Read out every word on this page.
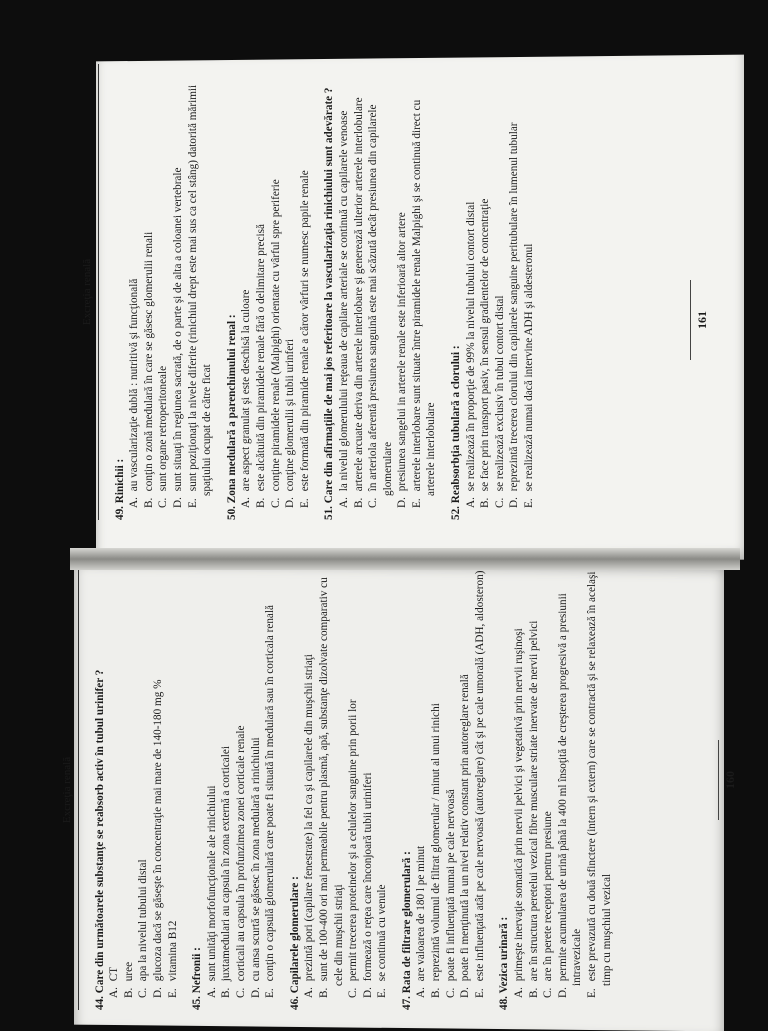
Excreţia renală
49. Rinichii : A. au vascularizaţie dublă : nutritivă şi funcţională
B. conţin o zonă medulară în care se găsesc glomerulii renali
C. sunt organe retroperitoneale
D. sunt situaţi în regiunea sacrată, de o parte şi de alta a coloanei vertebrale
E. sunt poziţionaţi la nivele diferite (rinichiul drept este mai sus ca cel stâng) datorită mărimii spaţiului ocupat de către ficat 50. Zona medulară a parenchimului renal : A. are aspect granulat şi este deschisă la culoare
B. este alcătuită din piramidele renale fără o delimitare precisă
C. conţine piramidele renale (Malpighi) orientate cu vârful spre periferie
D. conţine glomerulii şi tubii urinferi
E. este formată din piramide renale a căror vârfuri se numesc papile renale 51. Care din afirmaţiile de mai jos referitoare la vascularizaţia rinichiului sunt adevărate ? A. la nivelul glomerulului reţeaua de capilare arteriale se continuă cu capilarele venoase
B. arterele arcuate deriva din arterele interlobare şi generează ulterior arterele interlobulare
C. în arteriola aferentă presiunea sanguină este mai scăzută decât presiunea din capilarele glomerulare
D. presiunea sangelui in arterele renale este inferioară altor artere
E. arterele interlobare sunt situate între piramidele renale Malpighi şi se continuă direct cu arterele interlobulare 52. Reabsorbţia tubulară a clorului : A. se realizează în proporţie de 99% la nivelul tubului contort distal
B. se face prin transport pasiv, în sensul gradientelor de concentraţie
C. se realizează exclusiv în tubul contort distal
D. reprezintă trecerea clorului din capilarele sanguine peritubulare în lumenul tubular
E. se realizează numai dacă intervine ADH şi aldesteronul	161
Excreţia renală	44. Care din următoarele substanţe se reabsorb activ în tubul urinifer ? A. CT
B. uree
C. apa la nivelul tubului distal
D. glucoza dacă se găseşte în concentraţie mai mare de 140-180 mg %
E. vitamina B12 45. Nefronii : A. sunt unităţi morfofuncţionale ale rinichiului
B. juxtamedulari au capsula în zona externă a corticalei
C. corticali au capsula în profunzimea zonei corticale renale
D. cu ansa scurtă se găsesc în zona medulară a rinichiului
E. conţin o capsulă glomerulară care poate fi situată în medulară sau în corticala renală 46. Capilarele glomerulare : A. prezintă pori (capilare fenestrate) la fel ca şi capilarele din muşchii striaţi
B. sunt de 100-400 ori mai permeabile pentru plasmă, apă, substanţe dizolvate comparativ cu cele din muşchii striaţi
C. permit trecerea proteinelor şi a celulelor sanguine prin porii lor
D. formează o reţea care înconjoară tubii uriniferi
E. se continuă cu venule 47. Rata de filtrare glomerulară : A. are valoarea de 180 l pe minut
B. reprezintă volumul de filtrat glomerular / minut al unui rinichi
C. poate fi influenţată numai pe cale nervoasă
D. poate fi menţinută la un nivel relativ constant prin autoreglare renală
E. este influenţată atât pe cale nervoasă (autoreglare) cât şi pe cale umorală (ADH, aldosteron) 48. Vezica urinară : A. primeşte inervaţie somatică prin nervii pelvici şi vegetativă prin nervii ruşinoşi
B. are în structura peretelui vezical fibre musculare striate inervate de nervii pelvici
C. are în perete receptori pentru presiune
D. permite acumularea de urină până la 400 ml însoţită de creşterea progresivă a presiunii intravezicale
E. este prevazută cu două sfinctere (intern şi extern) care se contractă şi se relaxează în acelaşi timp cu muşchiul vezical
160
